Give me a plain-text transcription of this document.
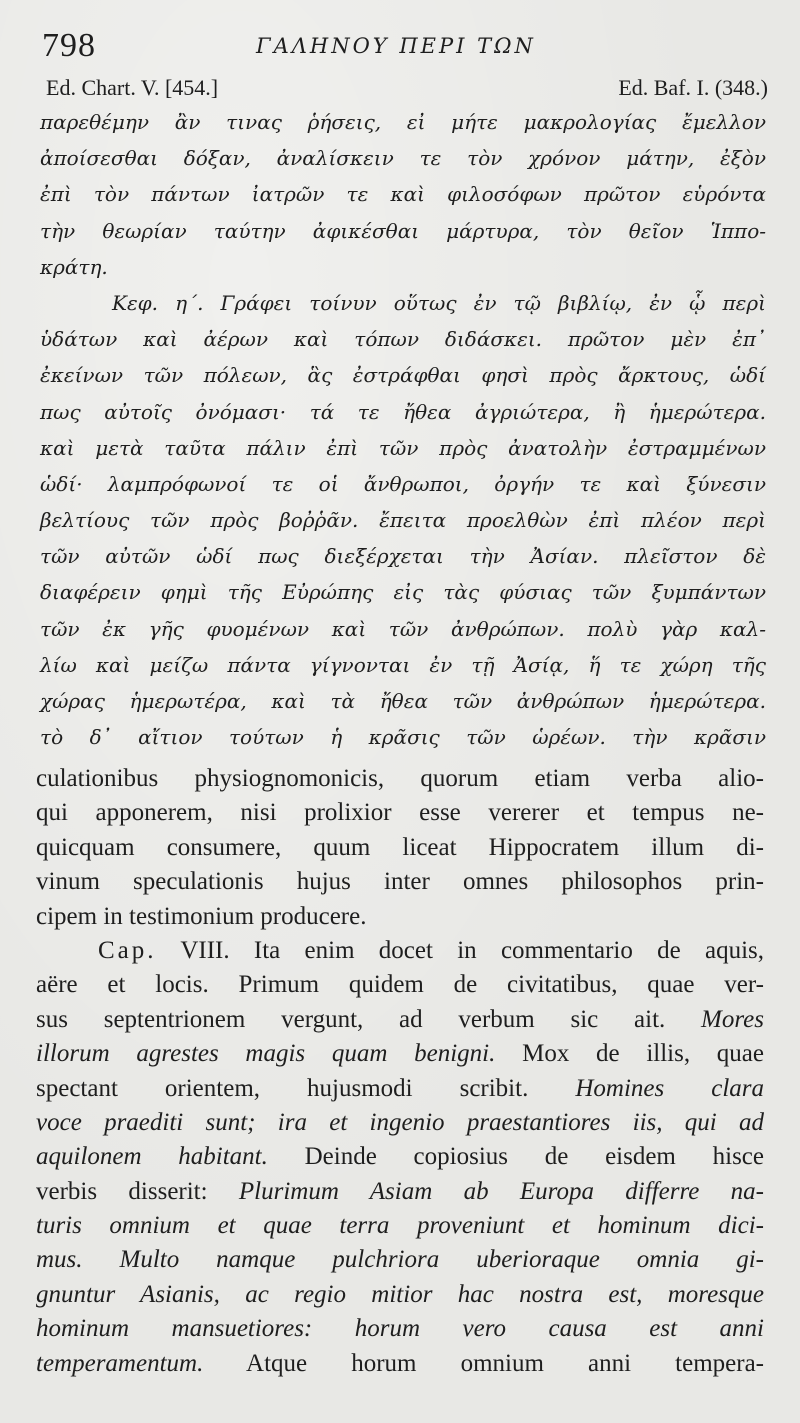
798	ΓΑΛΗΝΟΥ ΠΕΡΙ ΤΩΝ
Ed. Chart. V. [454.]	Ed. Baf. I. (348.)
παρεθέμην ἂν τινας ῥήσεις, εἰ μήτε μακρολογίας ἔμελλον
ἀποίσεσθαι δόξαν, ἀναλίσκειν τε τὸν χρόνον μάτην, ἐξὸν
ἐπὶ τὸν πάντων ἰατρῶν τε καὶ φιλοσόφων πρῶτον εὑρόντα
τὴν θεωρίαν ταύτην ἀφικέσθαι μάρτυρα, τὸν θεῖον Ἱππο-
κράτη.
Κεφ. η΄. Γράφει τοίνυν οὕτως ἐν τῷ βιβλίῳ, ἐν ᾧ περὶ
ὑδάτων καὶ ἀέρων καὶ τόπων διδάσκει. πρῶτον μὲν ἐπ᾽
ἐκείνων τῶν πόλεων, ἃς ἐστράφθαι φησὶ πρὸς ἄρκτους, ὡδί
πως αὐτοῖς ὀνόμασι· τά τε ἤθεα ἀγριώτερα, ἢ ἡμερώτερα.
καὶ μετὰ ταῦτα πάλιν ἐπὶ τῶν πρὸς ἀνατολὴν ἐστραμμένων
ὡδί· λαμπρόφωνοί τε οἱ ἄνθρωποι, ὀργήν τε καὶ ξύνεσιν
βελτίους τῶν πρὸς βοῤῥᾶν. ἔπειτα προελθὼν ἐπὶ πλέον περὶ
τῶν αὐτῶν ὡδί πως διεξέρχεται τὴν Ἀσίαν. πλεῖστον δὲ
διαφέρειν φημὶ τῆς Εὐρώπης εἰς τὰς φύσιας τῶν ξυμπάντων
τῶν ἐκ γῆς φυομένων καὶ τῶν ἀνθρώπων. πολὺ γὰρ καλ-
λίω καὶ μείζω πάντα γίγνονται ἐν τῇ Ἀσίᾳ, ἥ τε χώρη τῆς
χώρας ἡμερωτέρα, καὶ τὰ ἤθεα τῶν ἀνθρώπων ἡμερώτερα.
τὸ δ᾽ αἴτιον τούτων ἡ κρᾶσις τῶν ὡρέων. τὴν κρᾶσιν
culationibus physiognomonicis, quorum etiam verba alio-
qui apponerem, nisi prolixior esse vererer et tempus ne-
quicquam consumere, quum liceat Hippocratem illum di-
vinum speculationis hujus inter omnes philosophos prin-
cipem in testimonium producere.
Cap. VIII. Ita enim docet in commentario de aquis,
aëre et locis. Primum quidem de civitatibus, quae ver-
sus septentrionem vergunt, ad verbum sic ait. Mores
illorum agrestes magis quam benigni. Mox de illis, quae
spectant orientem, hujusmodi scribit. Homines clara
voce praediti sunt; ira et ingenio praestantiores iis, qui ad
aquilonem habitant. Deinde copiosius de eisdem hisce
verbis disserit: Plurimum Asiam ab Europa differre na-
turis omnium et quae terra proveniunt et hominum dici-
mus. Multo namque pulchriora uberioraque omnia gi-
gnuntur Asianis, ac regio mitior hac nostra est, moresque
hominum mansuetiores: horum vero causa est anni
temperamentum. Atque horum omnium anni tempera-
